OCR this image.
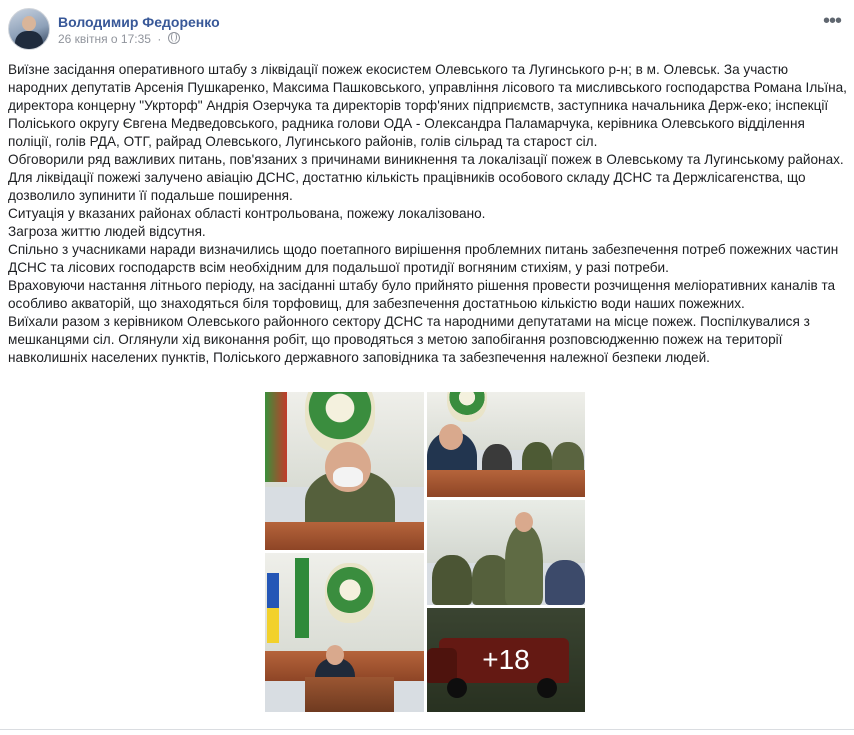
Володимир Федоренко
26 квітня о 17:35 ·
•••

Виїзне засідання оперативного штабу з ліквідації пожеж екосистем Олевського та Лугинського р-н; в м. Олевськ. За участю народних депутатів Арсенія Пушкаренко, Максима Пашковського, управління лісового та мисливського господарства Романа Ільїна, директора концерну "Укрторф" Андрія Озерчука та директорів торф'яних підприємств, заступника начальника Держ-еко; інспекції Поліського округу Євгена Медведовського, радника голови ОДА - Олександра Паламарчука, керівника Олевського відділення поліції, голів РДА, ОТГ, райрад Олевського, Лугинського районів, голів сільрад та старост сіл.

Обговорили ряд важливих питань, пов'язаних з причинами виникнення та локалізації пожеж в Олевському та Лугинському районах.

Для ліквідації пожежі залучено авіацію ДСНС, достатню кількість працівників особового складу ДСНС та Держлісагенства, що дозволило зупинити її подальше поширення.

Ситуація у вказаних районах області контрольована, пожежу локалізовано.

Загроза життю людей відсутня.

Спільно з учасниками наради визначились щодо поетапного вирішення проблемних питань забезпечення потреб пожежних частин ДСНС та лісових господарств всім необхідним для подальшої протидії вогняним стихіям, у разі потреби.

Враховуючи настання літнього періоду, на засіданні штабу було прийнято рішення провести розчищення меліоративних каналів та особливо акваторій, що знаходяться біля торфовищ, для забезпечення достатньою кількістю води наших пожежних.

Виїхали разом з керівником Олевського районного сектору ДСНС та народними депутатами на місце пожеж. Поспілкувалися з мешканцями сіл. Оглянули хід виконання робіт, що проводяться з метою запобігання розповсюдженню пожеж на території навколишніх населених пунктів, Поліського державного заповідника та забезпечення належної безпеки людей.

+18
